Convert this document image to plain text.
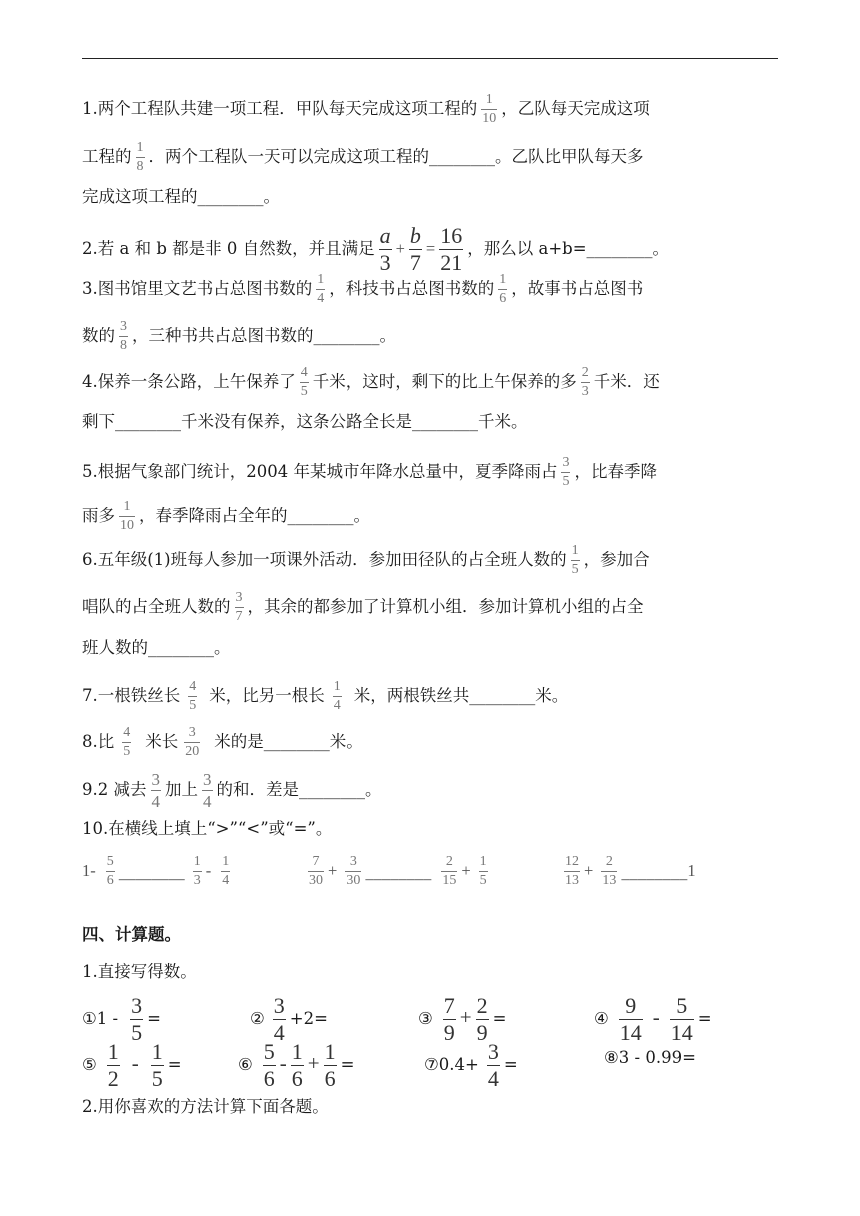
1.两个工程队共建一项工程．甲队每天完成这项工程的 $\frac{1}{10}$ ，乙队每天完成这项
工程的 $\frac{1}{8}$ ．两个工程队一天可以完成这项工程的________。乙队比甲队每天多
完成这项工程的________。
2.若 a 和 b 都是非 0 自然数，并且满足 $\frac{a}{3} + \frac{b}{7} = \frac{16}{21}$ ，那么以 a+b=________。
3.图书馆里文艺书占总图书数的 $\frac{1}{4}$ ，科技书占总图书数的 $\frac{1}{6}$ ，故事书占总图书
数的 $\frac{3}{8}$ ，三种书共占总图书数的________。
4.保养一条公路，上午保养了 $\frac{4}{5}$ 千米，这时，剩下的比上午保养的多 $\frac{2}{3}$ 千米．还
剩下________千米没有保养，这条公路全长是________千米。
5.根据气象部门统计，2004 年某城市年降水总量中，夏季降雨占 $\frac{3}{5}$ ，比春季降
雨多 $\frac{1}{10}$ ，春季降雨占全年的________。
6.五年级(1)班每人参加一项课外活动．参加田径队的占全班人数的 $\frac{1}{5}$ ，参加合
唱队的占全班人数的 $\frac{3}{7}$ ，其余的都参加了计算机小组．参加计算机小组的占全
班人数的________。
7.一根铁丝长 $\frac{4}{5}$ 米，比另一根长 $\frac{1}{4}$ 米，两根铁丝共________米。
8.比 $\frac{4}{5}$ 米长 $\frac{3}{20}$ 米的是________米。
9.2 减去 $\frac{3}{4}$ 加上 $\frac{3}{4}$ 的和．差是________。
10.在横线上填上“>”“<”或“=”。
$1- \frac{5}{6}$ ________ $\frac{1}{3} - \frac{1}{4}$	$\frac{7}{30} + \frac{3}{30}$ ________ $\frac{2}{15} + \frac{1}{5}$	$\frac{12}{13} + \frac{2}{13}$ ________1
四、计算题。
1.直接写得数。
①1 - $\frac{3}{5}$ =	② $\frac{3}{4} +2=$	③ $\frac{7}{9} + \frac{2}{9}$ =	④ $\frac{9}{14} - \frac{5}{14}$ =
⑤ $\frac{1}{2} - \frac{1}{5}$ =	⑥ $\frac{5}{6} - \frac{1}{6} + \frac{1}{6}$ =	⑦0.4+ $\frac{3}{4}$ =	⑧3 - 0.99=
2.用你喜欢的方法计算下面各题。
